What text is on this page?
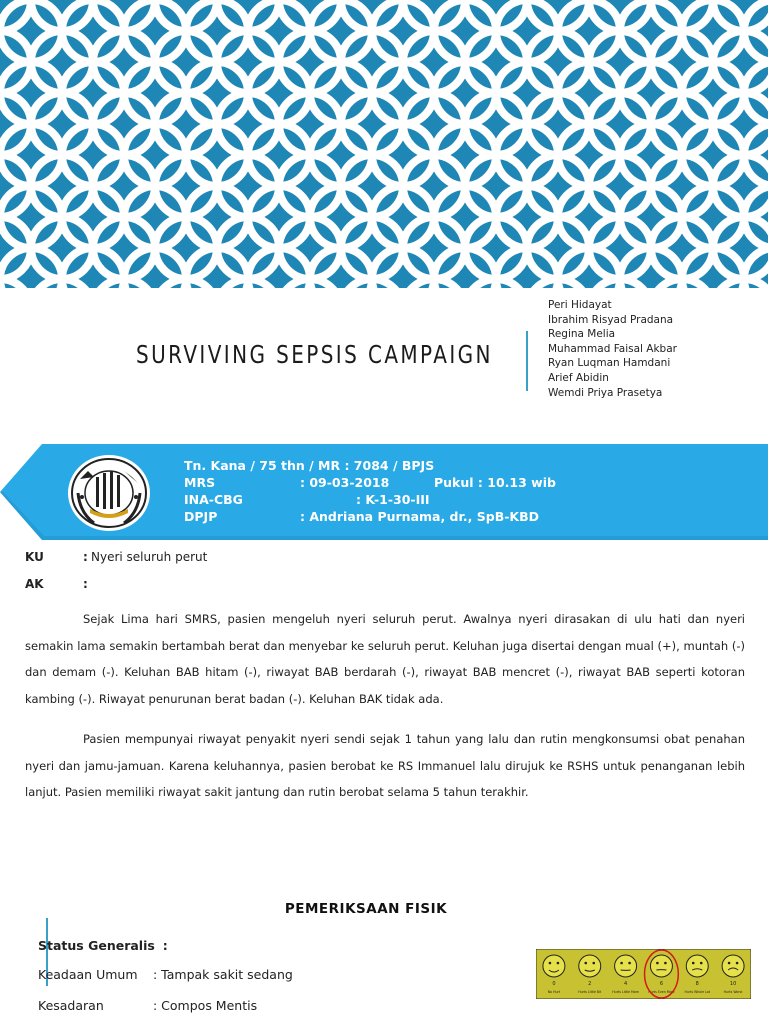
SURVIVING SEPSIS CAMPAIGN
Peri Hidayat
Ibrahim Risyad Pradana
Regina Melia
Muhammad Faisal Akbar
Ryan Luqman Hamdani
Arief Abidin
Wemdi Priya Prasetya
Tn. Kana / 75 thn / MR : 7084 / BPJS
MRS	: 09-03-2018	Pukul : 10.13 wib
INA-CBG	: K-1-30-III
DPJP	: Andriana Purnama, dr., SpB-KBD
KU	: Nyeri seluruh perut
AK	:

Sejak Lima hari SMRS, pasien mengeluh nyeri seluruh perut. Awalnya nyeri dirasakan di ulu hati dan nyeri semakin lama semakin bertambah berat dan menyebar ke seluruh perut. Keluhan juga disertai dengan mual (+), muntah (-) dan demam (-). Keluhan BAB hitam (-), riwayat BAB berdarah (-), riwayat BAB mencret (-), riwayat BAB seperti kotoran kambing (-). Riwayat penurunan berat badan (-). Keluhan BAK tidak ada.

Pasien mempunyai riwayat penyakit nyeri sendi sejak 1 tahun yang lalu dan rutin mengkonsumsi obat penahan nyeri dan jamu-jamuan. Karena keluhannya, pasien berobat ke RS Immanuel lalu dirujuk ke RSHS untuk penanganan lebih lanjut. Pasien memiliki riwayat sakit jantung dan rutin berobat selama 5 tahun terakhir.

PEMERIKSAAN FISIK
Status Generalis :
Keadaan Umum : Tampak sakit sedang
Kesadaran	: Compos Mentis
0
No Hurt
2
Hurts Little Bit
4
Hurts Little More
6
Hurts Even More
8
Hurts Whole Lot
10
Hurts Worst
